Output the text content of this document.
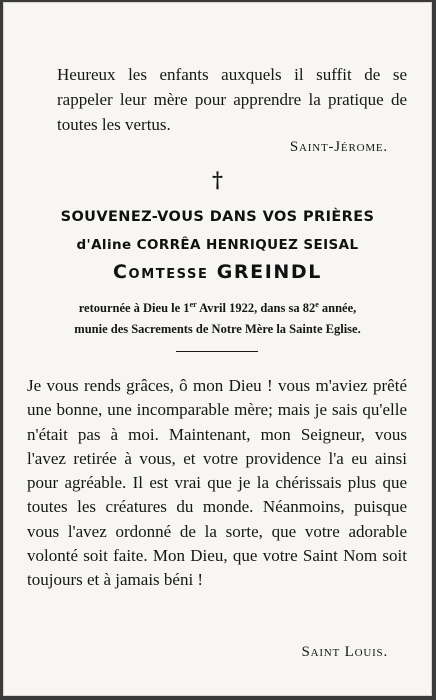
Heureux les enfants auxquels il suffit de se rappeler leur mère pour apprendre la pratique de toutes les vertus.

Saint-Jérome.
†
SOUVENEZ-VOUS DANS VOS PRIÈRES
d'Aline CORRÊA HENRIQUEZ SEISAL
Comtesse GREINDL
retournée à Dieu le 1er Avril 1922, dans sa 82e année,
munie des Sacrements de Notre Mère la Sainte Eglise.

Je vous rends grâces, ô mon Dieu ! vous m'aviez prêté une bonne, une incomparable mère; mais je sais qu'elle n'était pas à moi. Maintenant, mon Seigneur, vous l'avez retirée à vous, et votre providence l'a eu ainsi pour agréable. Il est vrai que je la chérissais plus que toutes les créatures du monde. Néanmoins, puisque vous l'avez ordonné de la sorte, que votre adorable volonté soit faite. Mon Dieu, que votre Saint Nom soit toujours et à jamais béni !

Saint Louis.
